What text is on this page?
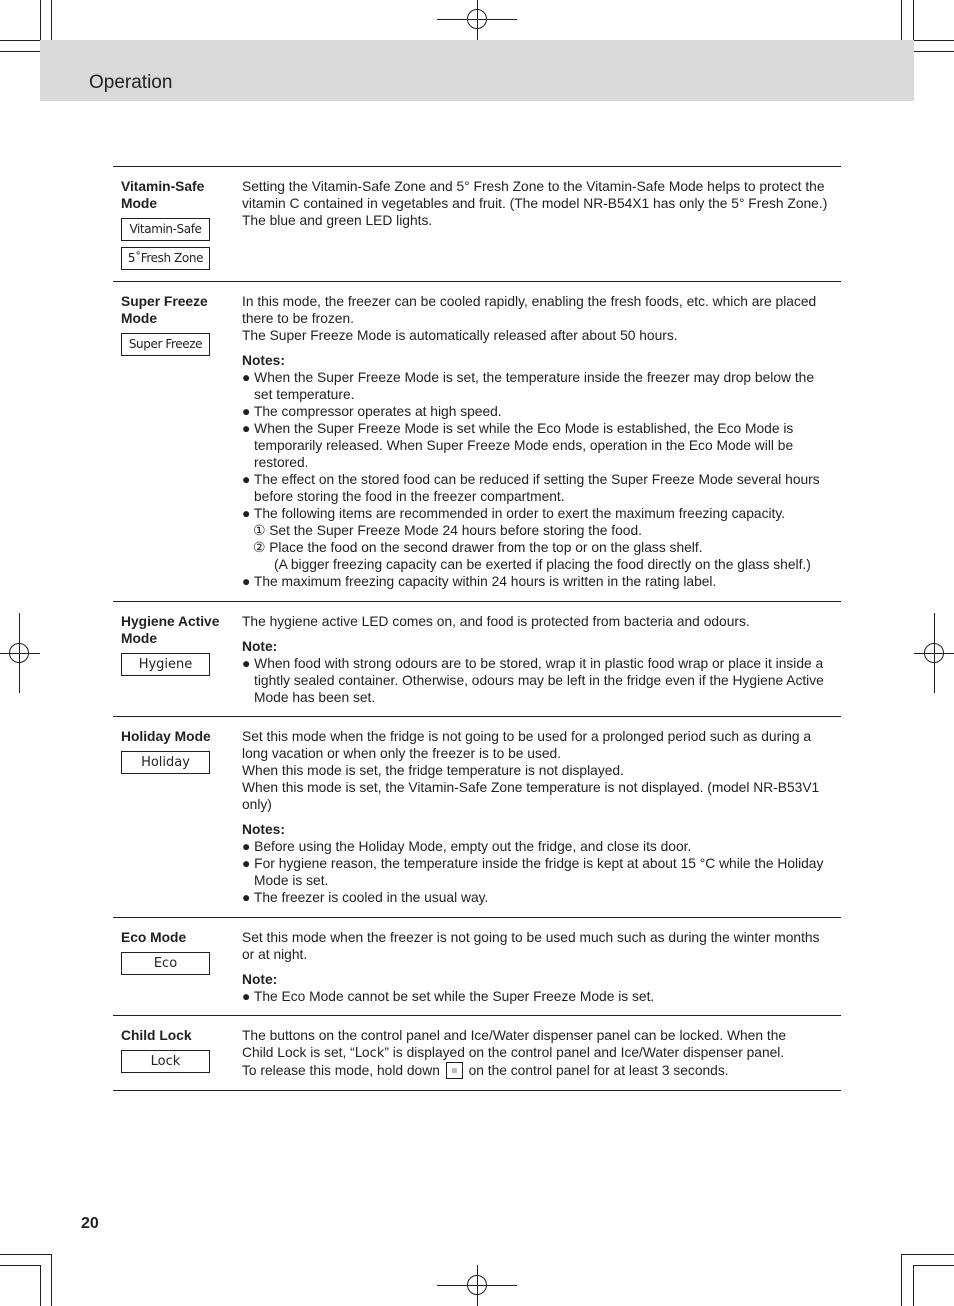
Operation
Vitamin-Safe Mode
Vitamin-Safe
5˚Fresh Zone

Setting the Vitamin-Safe Zone and 5° Fresh Zone to the Vitamin-Safe Mode helps to protect the vitamin C contained in vegetables and fruit. (The model NR-B54X1 has only the 5° Fresh Zone.) The blue and green LED lights.

Super Freeze Mode
Super Freeze

In this mode, the freezer can be cooled rapidly, enabling the fresh foods, etc. which are placed there to be frozen.

The Super Freeze Mode is automatically released after about 50 hours.

Notes:

● When the Super Freeze Mode is set, the temperature inside the freezer may drop below the set temperature.

● The compressor operates at high speed.

● When the Super Freeze Mode is set while the Eco Mode is established, the Eco Mode is temporarily released. When Super Freeze Mode ends, operation in the Eco Mode will be restored.

● The effect on the stored food can be reduced if setting the Super Freeze Mode several hours before storing the food in the freezer compartment.

● The following items are recommended in order to exert the maximum freezing capacity.

① Set the Super Freeze Mode 24 hours before storing the food.

② Place the food on the second drawer from the top or on the glass shelf.

(A bigger freezing capacity can be exerted if placing the food directly on the glass shelf.)

● The maximum freezing capacity within 24 hours is written in the rating label.

Hygiene Active Mode
Hygiene

The hygiene active LED comes on, and food is protected from bacteria and odours.

Note:

● When food with strong odours are to be stored, wrap it in plastic food wrap or place it inside a tightly sealed container. Otherwise, odours may be left in the fridge even if the Hygiene Active Mode has been set.

Holiday Mode
Holiday

Set this mode when the fridge is not going to be used for a prolonged period such as during a long vacation or when only the freezer is to be used.

When this mode is set, the fridge temperature is not displayed.

When this mode is set, the Vitamin-Safe Zone temperature is not displayed. (model NR-B53V1 only)

Notes:

● Before using the Holiday Mode, empty out the fridge, and close its door.

● For hygiene reason, the temperature inside the fridge is kept at about 15 °C while the Holiday Mode is set.

● The freezer is cooled in the usual way.

Eco Mode
Eco

Set this mode when the freezer is not going to be used much such as during the winter months or at night.

Note:

● The Eco Mode cannot be set while the Super Freeze Mode is set.

Child Lock
Lock

The buttons on the control panel and Ice/Water dispenser panel can be locked. When the

Child Lock is set, “Lock” is displayed on the control panel and Ice/Water dispenser panel.

To release this mode, hold down on the control panel for at least 3 seconds.

20
